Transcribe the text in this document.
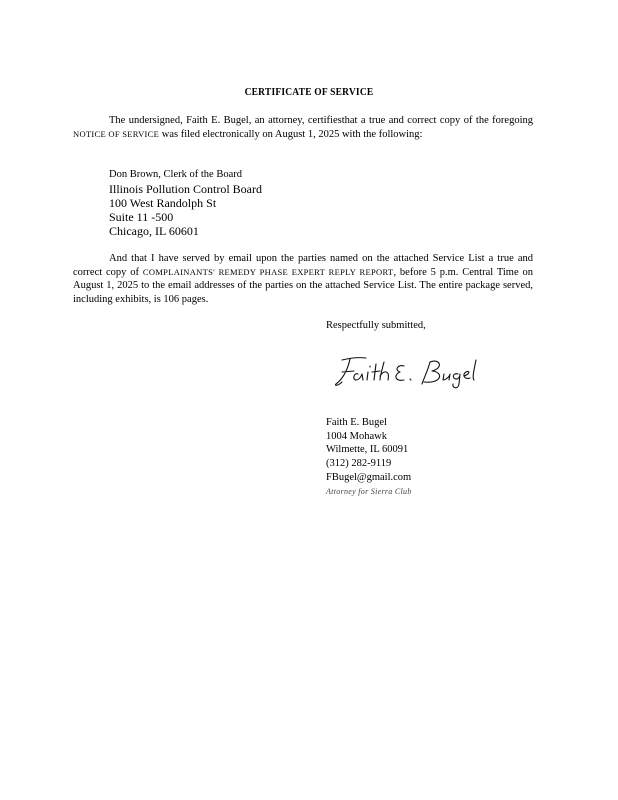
CERTIFICATE OF SERVICE
The undersigned, Faith E. Bugel, an attorney, certifiesthat a true and correct copy of the foregoing NOTICE OF SERVICE was filed electronically on August 1, 2025 with the following:
Don Brown, Clerk of the Board
Illinois Pollution Control Board
100 West Randolph St
Suite 11 -500
Chicago, IL 60601
And that I have served by email upon the parties named on the attached Service List a true and correct copy of COMPLAINANTS' REMEDY PHASE EXPERT REPLY REPORT, before 5 p.m. Central Time on August 1, 2025 to the email addresses of the parties on the attached Service List. The entire package served, including exhibits, is 106 pages.
Respectfully submitted,
Faith E. Bugel
1004 Mohawk
Wilmette, IL 60091
(312) 282-9119
FBugel@gmail.com
Attorney for Sierra Club
